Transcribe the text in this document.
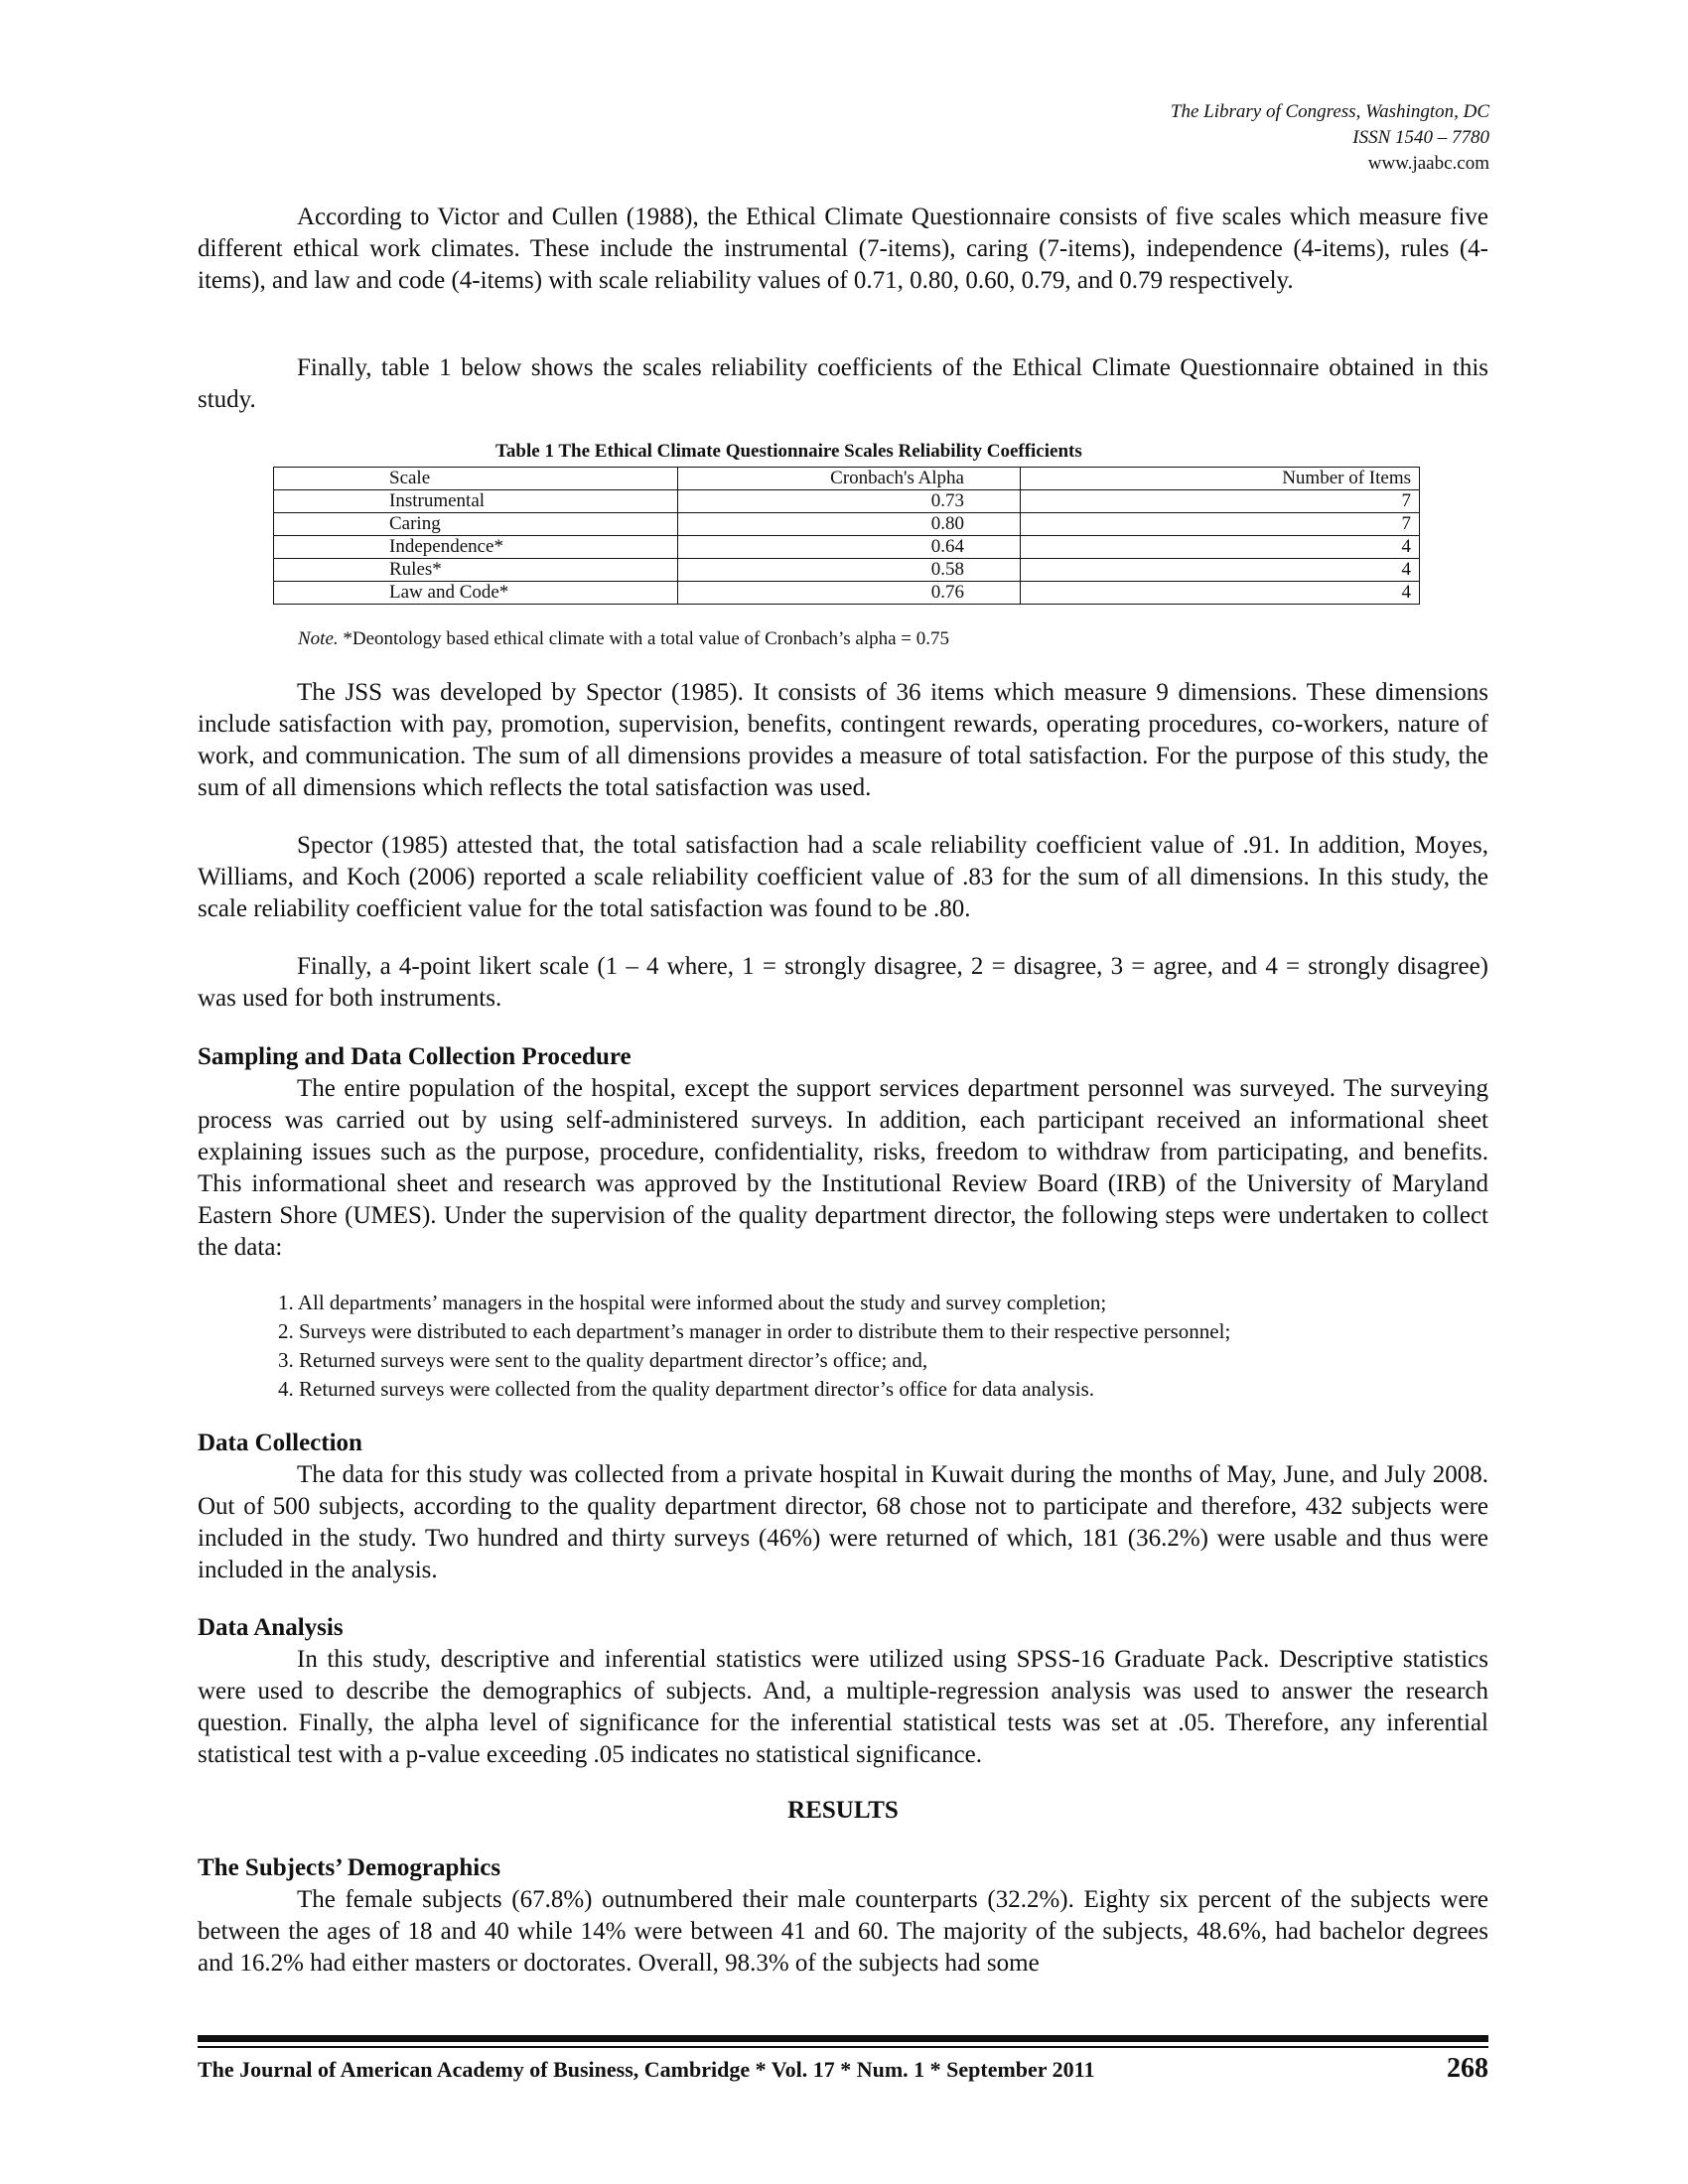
The Library of Congress, Washington, DC
ISSN 1540 – 7780
www.jaabc.com

According to Victor and Cullen (1988), the Ethical Climate Questionnaire consists of five scales which measure five different ethical work climates. These include the instrumental (7-items), caring (7-items), independence (4-items), rules (4-items), and law and code (4-items) with scale reliability values of 0.71, 0.80, 0.60, 0.79, and 0.79 respectively.

Finally, table 1 below shows the scales reliability coefficients of the Ethical Climate Questionnaire obtained in this study.

Table 1 The Ethical Climate Questionnaire Scales Reliability Coefficients
Scale	Cronbach's Alpha	Number of Items
Instrumental	0.73	7
Caring	0.80	7
Independence*	0.64	4
Rules*	0.58	4
Law and Code*	0.76	4
Note. *Deontology based ethical climate with a total value of Cronbach’s alpha = 0.75

The JSS was developed by Spector (1985). It consists of 36 items which measure 9 dimensions. These dimensions include satisfaction with pay, promotion, supervision, benefits, contingent rewards, operating procedures, co-workers, nature of work, and communication. The sum of all dimensions provides a measure of total satisfaction. For the purpose of this study, the sum of all dimensions which reflects the total satisfaction was used.

Spector (1985) attested that, the total satisfaction had a scale reliability coefficient value of .91. In addition, Moyes, Williams, and Koch (2006) reported a scale reliability coefficient value of .83 for the sum of all dimensions. In this study, the scale reliability coefficient value for the total satisfaction was found to be .80.

Finally, a 4-point likert scale (1 – 4 where, 1 = strongly disagree, 2 = disagree, 3 = agree, and 4 = strongly disagree) was used for both instruments.

Sampling and Data Collection Procedure

The entire population of the hospital, except the support services department personnel was surveyed. The surveying process was carried out by using self-administered surveys. In addition, each participant received an informational sheet explaining issues such as the purpose, procedure, confidentiality, risks, freedom to withdraw from participating, and benefits. This informational sheet and research was approved by the Institutional Review Board (IRB) of the University of Maryland Eastern Shore (UMES). Under the supervision of the quality department director, the following steps were undertaken to collect the data:

1. All departments’ managers in the hospital were informed about the study and survey completion;
2. Surveys were distributed to each department’s manager in order to distribute them to their respective personnel;
3. Returned surveys were sent to the quality department director’s office; and,
4. Returned surveys were collected from the quality department director’s office for data analysis.

Data Collection

The data for this study was collected from a private hospital in Kuwait during the months of May, June, and July 2008. Out of 500 subjects, according to the quality department director, 68 chose not to participate and therefore, 432 subjects were included in the study. Two hundred and thirty surveys (46%) were returned of which, 181 (36.2%) were usable and thus were included in the analysis.

Data Analysis

In this study, descriptive and inferential statistics were utilized using SPSS-16 Graduate Pack. Descriptive statistics were used to describe the demographics of subjects. And, a multiple-regression analysis was used to answer the research question. Finally, the alpha level of significance for the inferential statistical tests was set at .05. Therefore, any inferential statistical test with a p-value exceeding .05 indicates no statistical significance.

RESULTS

The Subjects’ Demographics

The female subjects (67.8%) outnumbered their male counterparts (32.2%). Eighty six percent of the subjects were between the ages of 18 and 40 while 14% were between 41 and 60. The majority of the subjects, 48.6%, had bachelor degrees and 16.2% had either masters or doctorates. Overall, 98.3% of the subjects had some

The Journal of American Academy of Business, Cambridge * Vol. 17 * Num. 1 * September 2011	268
